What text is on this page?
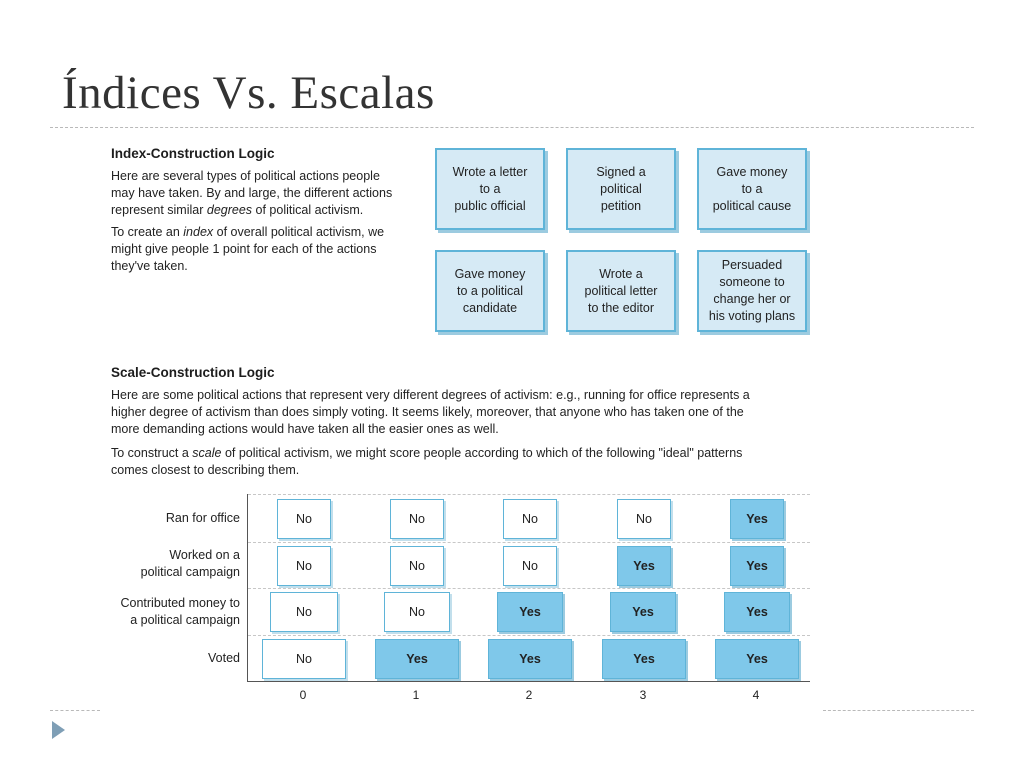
Índices Vs. Escalas
Index-Construction Logic
Here are several types of political actions people
may have taken. By and large, the different actions
represent similar degrees of political activism.
To create an index of overall political activism, we
might give people 1 point for each of the actions
they've taken.
Wrote a letter
to a
public official
Signed a
political
petition
Gave money
to a
political cause
Gave money
to a political
candidate
Wrote a
political letter
to the editor
Persuaded
someone to
change her or
his voting plans
Scale-Construction Logic
Here are some political actions that represent very different degrees of activism: e.g., running for office represents a
higher degree of activism than does simply voting. It seems likely, moreover, that anyone who has taken one of the
more demanding actions would have taken all the easier ones as well.
To construct a scale of political activism, we might score people according to which of the following "ideal" patterns
comes closest to describing them.
Ran for office
Worked on a
political campaign
Contributed money to
a political campaign
Voted
No	No	No	No	Yes
No	No	No	Yes	Yes
No	No	Yes	Yes	Yes
No	Yes	Yes	Yes	Yes
0	1	2	3	4
